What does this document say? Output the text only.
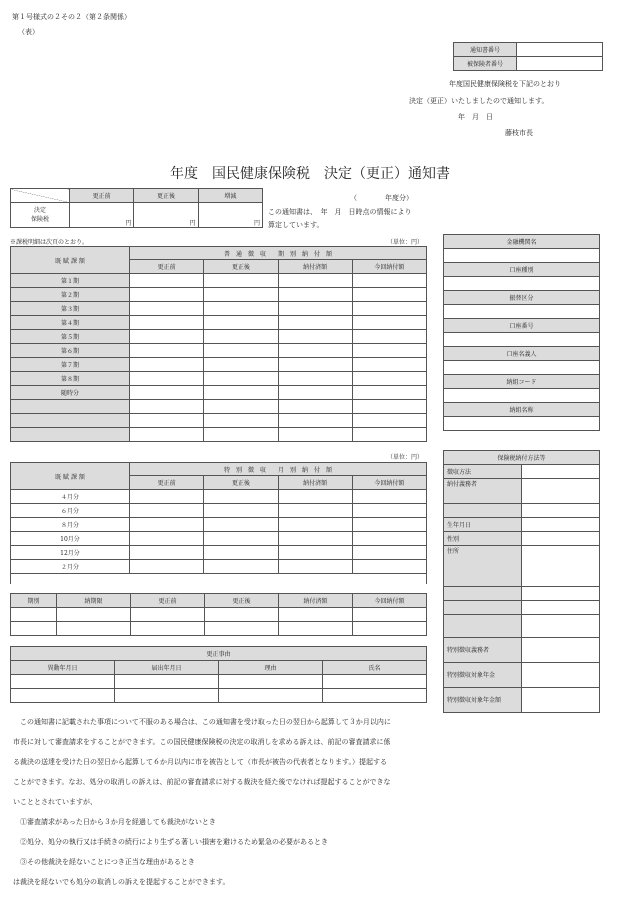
第１号様式の２その２（第２条関係）
（表）
通知書番号	
被保険者番号	
年度国民健康保険税を下記のとおり
決定（更正）いたしましたので通知します。
年　月　日
藤枝市長
年度　国民健康保険税　決定（更正）通知書
	更正前	更正後	増減
決定
保険税	円	円	円
（　　　　年度分）
この通知書は、　年　月　日時点の情報により
算定しています。
※課税明細は次頁のとおり。	（単位：円）
既 賦 課 額	普　通　徴　収　　期　別　納　付　額			
	更正前	更正後	納付済額	今回納付額
第１期				
第２期				
第３期				
第４期				
第５期				
第６期				
第７期				
第８期				
随時分				

金融機関名

口座種別

振替区分

口座番号

口座名義人

納組コード

納組名称

（単位：円）
既 賦 課 額	特　別　徴　収　　月　別　納　付　額			
	更正前	更正後	納付済額	今回納付額
４月分				
６月分				
８月分				
10月分				
12月分				
２月分				

期別	納期限	更正前	更正後	納付済額	今回納付額

保険税納付方法等	
徴収方法	
納付義務者	

生年月日	
性別	
住所	

特別徴収義務者	
特別徴収対象年金	
特別徴収対象年金額	
更正事由			
異動年月日	届出年月日	理由	氏名

　この通知書に記載された事項について不服のある場合は、この通知書を受け取った日の翌日から起算して３か月以内に
市長に対して審査請求をすることができます。この国民健康保険税の決定の取消しを求める訴えは、前記の審査請求に係
る裁決の送達を受けた日の翌日から起算して６か月以内に市を被告として（市長が被告の代表者となります。）提起する
ことができます。なお、処分の取消しの訴えは、前記の審査請求に対する裁決を経た後でなければ提起することができな
いこととされていますが、
　①審査請求があった日から３か月を経過しても裁決がないとき
　②処分、処分の執行又は手続きの続行により生ずる著しい損害を避けるため緊急の必要があるとき
　③その他裁決を経ないことにつき正当な理由があるとき
は裁決を経ないでも処分の取消しの訴えを提起することができます。
